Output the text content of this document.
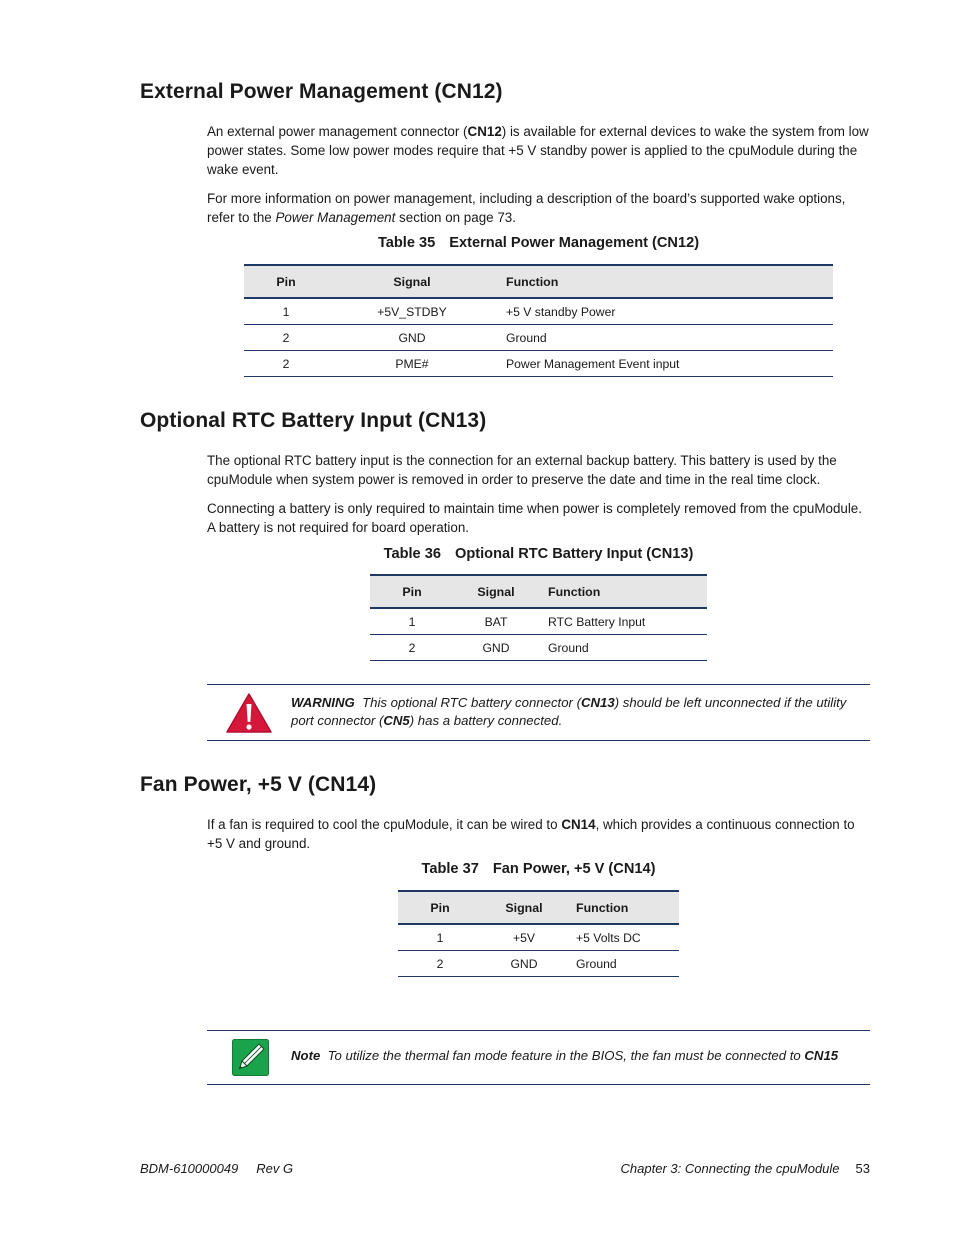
External Power Management (CN12)

An external power management connector (CN12) is available for external devices to wake the system from low power states. Some low power modes require that +5 V standby power is applied to the cpuModule during the wake event.

For more information on power management, including a description of the board’s supported wake options, refer to the Power Management section on page 73.

Table 35 External Power Management (CN12)
Pin	Signal	Function
1	+5V_STDBY	+5 V standby Power
2	GND	Ground
2	PME#	Power Management Event input
Optional RTC Battery Input (CN13)

The optional RTC battery input is the connection for an external backup battery. This battery is used by the cpuModule when system power is removed in order to preserve the date and time in the real time clock.

Connecting a battery is only required to maintain time when power is completely removed from the cpuModule. A battery is not required for board operation.

Table 36 Optional RTC Battery Input (CN13)
Pin	Signal	Function
1	BAT	RTC Battery Input
2	GND	Ground
WARNING This optional RTC battery connector (CN13) should be left unconnected if the utility port connector (CN5) has a battery connected.
Fan Power, +5 V (CN14)

If a fan is required to cool the cpuModule, it can be wired to CN14, which provides a continuous connection to +5 V and ground.

Table 37 Fan Power, +5 V (CN14)
Pin	Signal	Function
1	+5V	+5 Volts DC
2	GND	Ground
Note To utilize the thermal fan mode feature in the BIOS, the fan must be connected to CN15
BDM-610000049 Rev G	Chapter 3: Connecting the cpuModule 53
